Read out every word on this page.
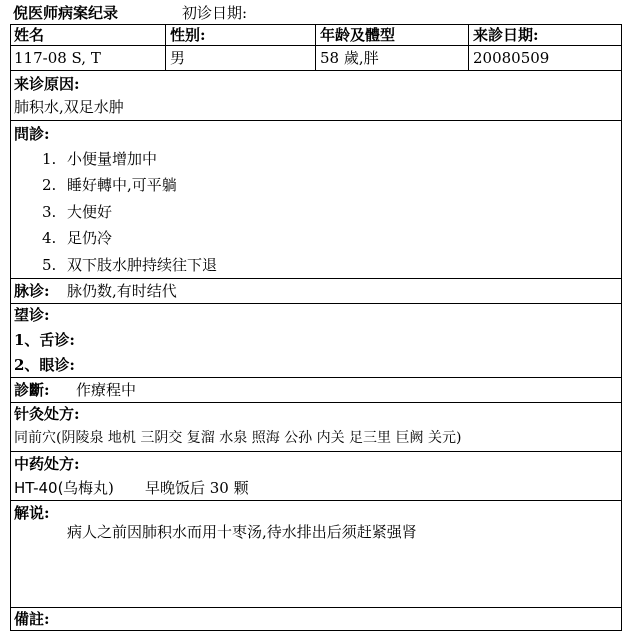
倪医师病案纪录	初诊日期:
姓名	性别:	年龄及體型	来診日期:
117-08 S, T	男	58 歲,胖	20080509
来诊原因:
肺积水,双足水肿
問診:
1. 小便量增加中
2. 睡好轉中,可平躺
3. 大便好
4. 足仍冷
5. 双下肢水肿持续往下退
脉诊: 脉仍数,有时结代
望诊:
1、舌诊:
2、眼诊:
診斷: 作療程中
针灸处方:
同前穴(阴陵泉 地机 三阴交 复溜 水泉 照海 公孙 内关 足三里 巨阙 关元)
中药处方:
HT-40( 乌梅丸) 早晚饭后 30 颗
解说:
病人之前因肺积水而用十枣汤,待水排出后须赶紧强肾
備註:
